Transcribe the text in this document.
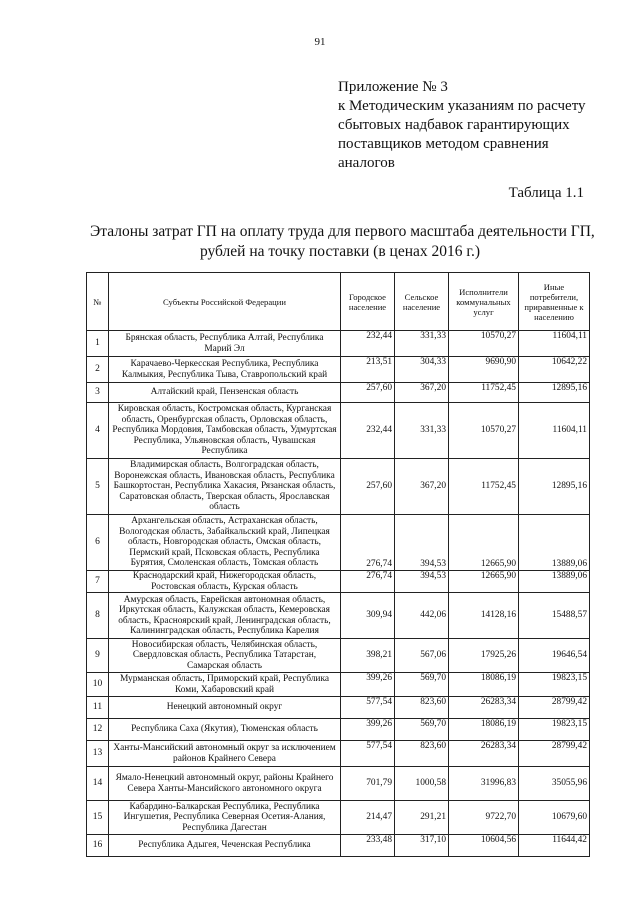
91
Приложение № 3
к Методическим указаниям по расчету
сбытовых надбавок гарантирующих
поставщиков методом сравнения
аналогов
Таблица 1.1
Эталоны затрат ГП на оплату труда для первого масштаба деятельности ГП,
рублей на точку поставки (в ценах 2016 г.)
№	Субъекты Российской Федерации	Городское население	Сельское население	Исполнители коммунальных услуг	Иные потребители, приравненные к населению
1	Брянская область, Республика Алтай, Республика Марий Эл	232,44	331,33	10570,27	11604,11
2	Карачаево-Черкесская Республика, Республика Калмыкия, Республика Тыва, Ставропольский край	213,51	304,33	9690,90	10642,22
3	Алтайский край, Пензенская область	257,60	367,20	11752,45	12895,16
4	Кировская область, Костромская область, Курганская область, Оренбургская область, Орловская область, Республика Мордовия, Тамбовская область, Удмуртская Республика, Ульяновская область, Чувашская Республика	232,44	331,33	10570,27	11604,11
5	Владимирская область, Волгоградская область, Воронежская область, Ивановская область, Республика Башкортостан, Республика Хакасия, Рязанская область, Саратовская область, Тверская область, Ярославская область	257,60	367,20	11752,45	12895,16
6	Архангельская область, Астраханская область, Вологодская область, Забайкальский край, Липецкая область, Новгородская область, Омская область, Пермский край, Псковская область, Республика Бурятия, Смоленская область, Томская область	276,74	394,53	12665,90	13889,06
7	Краснодарский край, Нижегородская область, Ростовская область, Курская область	276,74	394,53	12665,90	13889,06
8	Амурская область, Еврейская автономная область, Иркутская область, Калужская область, Кемеровская область, Красноярский край, Ленинградская область, Калининградская область, Республика Карелия	309,94	442,06	14128,16	15488,57
9	Новосибирская область, Челябинская область, Свердловская область, Республика Татарстан, Самарская область	398,21	567,06	17925,26	19646,54
10	Мурманская область, Приморский край, Республика Коми, Хабаровский край	399,26	569,70	18086,19	19823,15
11	Ненецкий автономный округ	577,54	823,60	26283,34	28799,42
12	Республика Саха (Якутия), Тюменская область	399,26	569,70	18086,19	19823,15
13	Ханты-Мансийский автономный округ за исключением районов Крайнего Севера	577,54	823,60	26283,34	28799,42
14	Ямало-Ненецкий автономный округ, районы Крайнего Севера Ханты-Мансийского автономного округа	701,79	1000,58	31996,83	35055,96
15	Кабардино-Балкарская Республика, Республика Ингушетия, Республика Северная Осетия-Алания, Республика Дагестан	214,47	291,21	9722,70	10679,60
16	Республика Адыгея, Чеченская Республика	233,48	317,10	10604,56	11644,42
